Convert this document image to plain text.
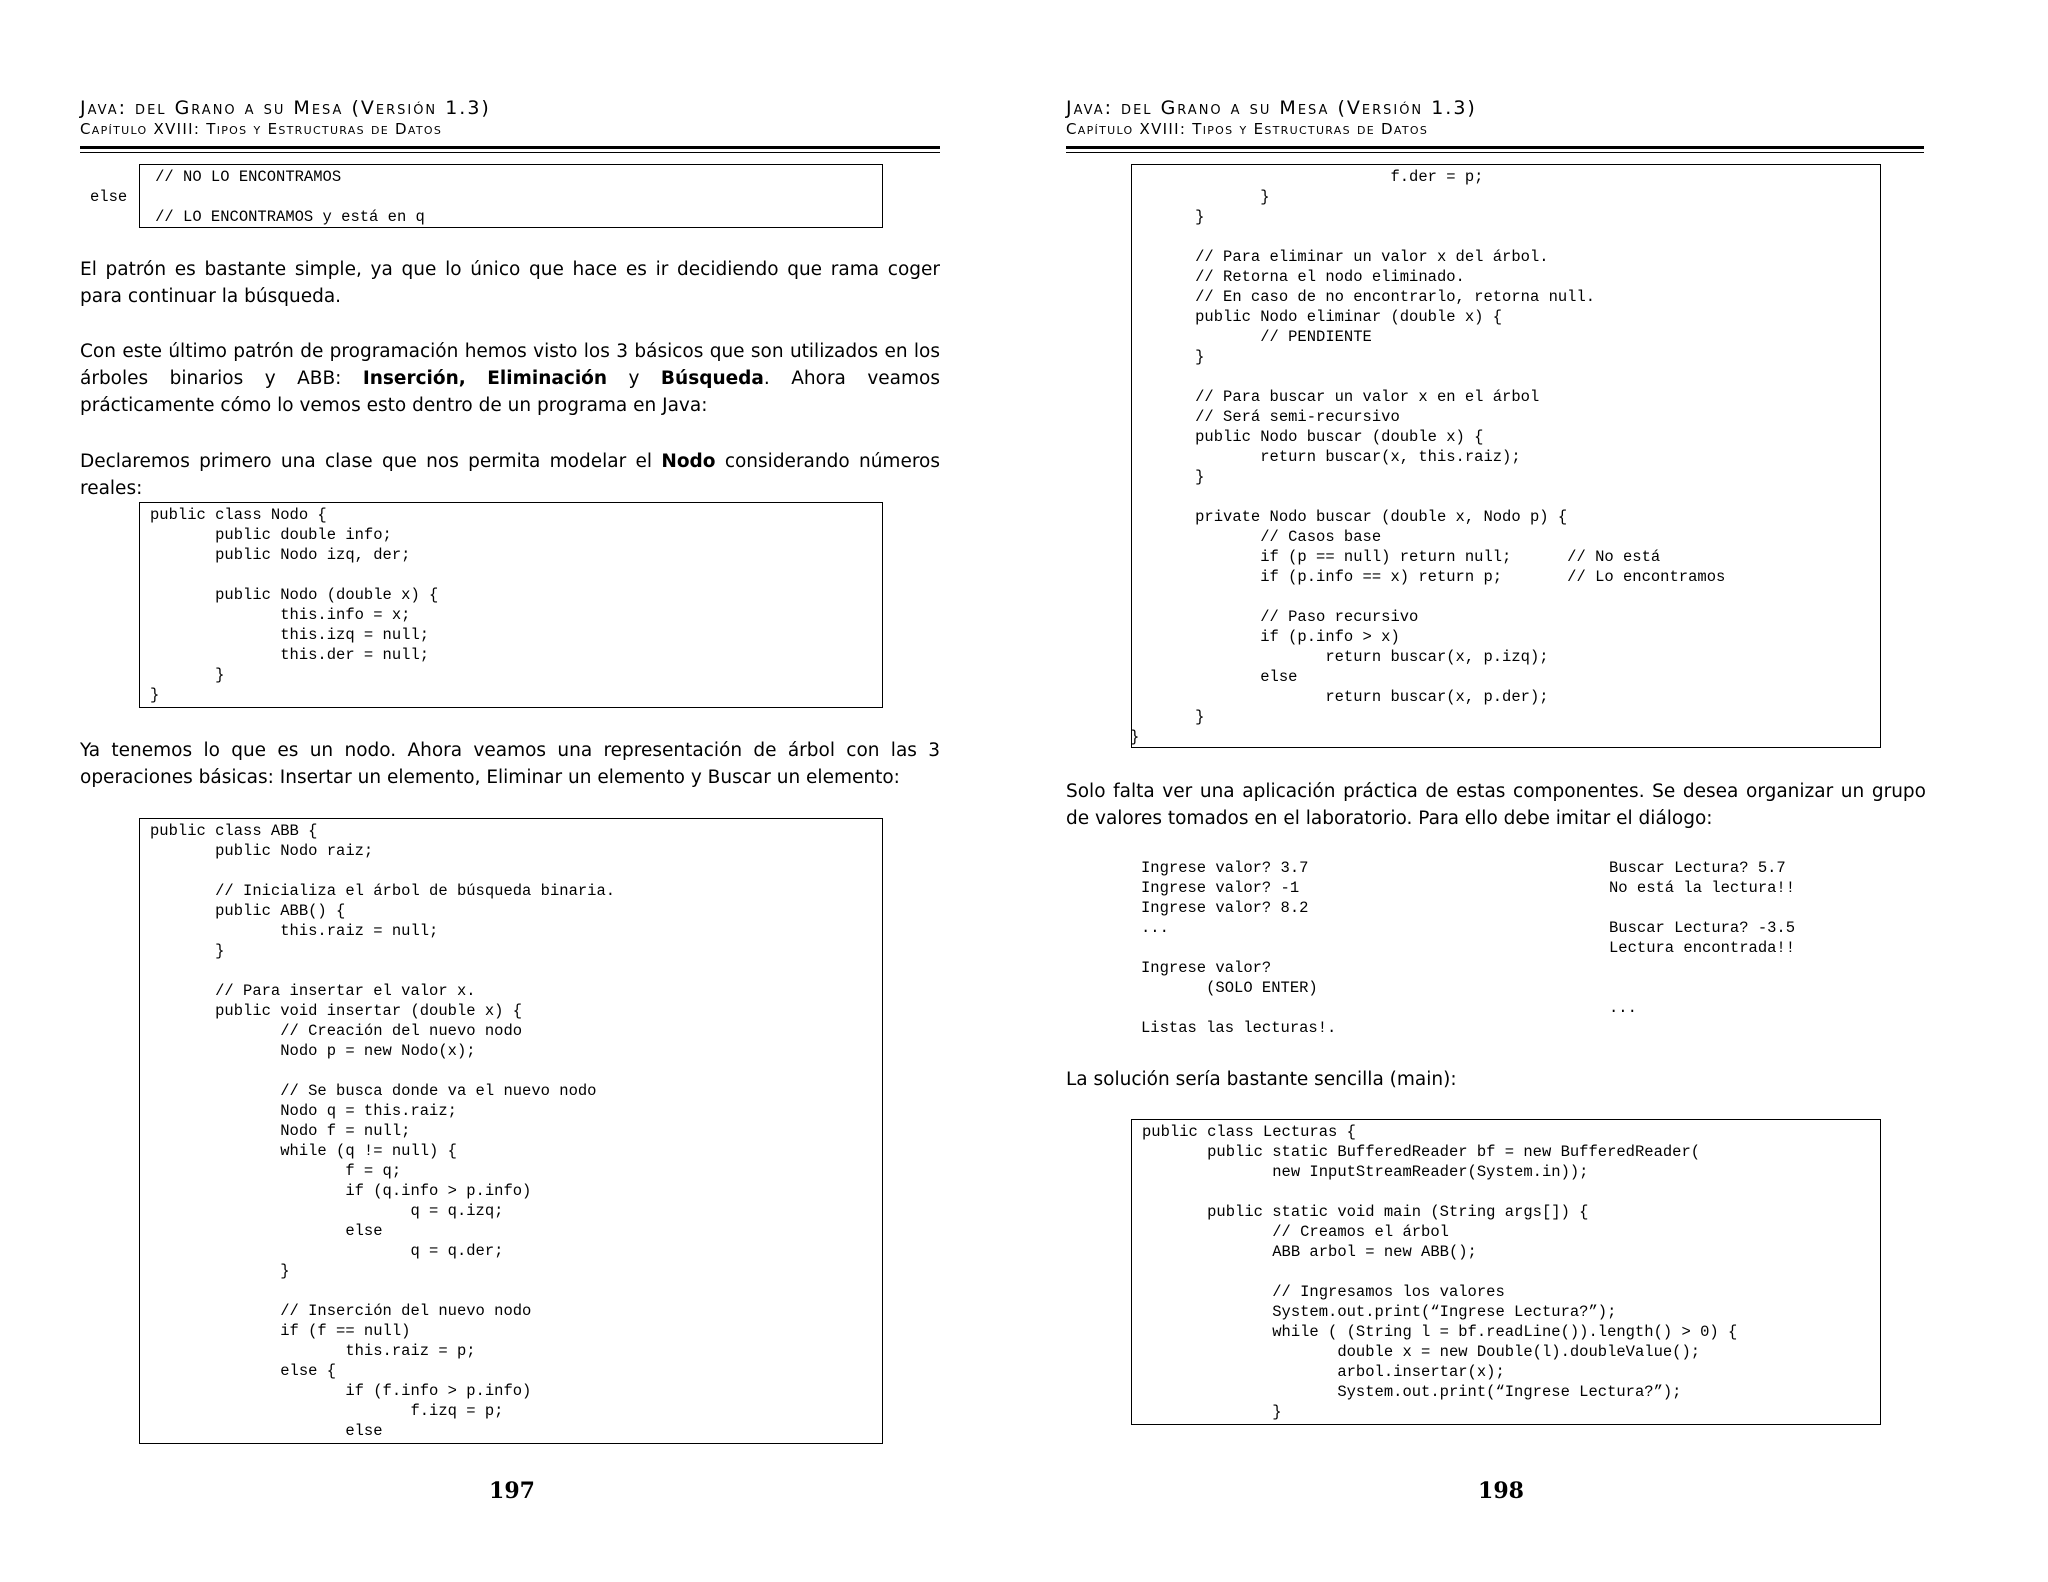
Java: del Grano a su Mesa (Versión 1.3)
Capítulo XVIII: Tipos y Estructuras de Datos
// NO LO ENCONTRAMOS
else
// LO ENCONTRAMOS y está en q
El patrón es bastante simple, ya que lo único que hace es ir decidiendo que rama coger para continuar la búsqueda.
Con este último patrón de programación hemos visto los 3 básicos que son utilizados en los árboles binarios y ABB: Inserción, Eliminación y Búsqueda. Ahora veamos prácticamente cómo lo vemos esto dentro de un programa en Java:
Declaremos primero una clase que nos permita modelar el Nodo considerando números reales:
public class Nodo {
public double info;
public Nodo izq, der;

public Nodo (double x) {
this.info = x;
this.izq = null;
this.der = null;
}
}
Ya tenemos lo que es un nodo. Ahora veamos una representación de árbol con las 3 operaciones básicas: Insertar un elemento, Eliminar un elemento y Buscar un elemento:
public class ABB {
public Nodo raiz;

// Inicializa el árbol de búsqueda binaria.
public ABB() {
this.raiz = null;
}

// Para insertar el valor x.
public void insertar (double x) {
// Creación del nuevo nodo
Nodo p = new Nodo(x);

// Se busca donde va el nuevo nodo
Nodo q = this.raiz;
Nodo f = null;
while (q != null) {
f = q;
if (q.info > p.info)
q = q.izq;
else
q = q.der;
}

// Inserción del nuevo nodo
if (f == null)
this.raiz = p;
else {
if (f.info > p.info)
f.izq = p;
else
197
Java: del Grano a su Mesa (Versión 1.3)
Capítulo XVIII: Tipos y Estructuras de Datos
f.der = p;
}
}

// Para eliminar un valor x del árbol.
// Retorna el nodo eliminado.
// En caso de no encontrarlo, retorna null.
public Nodo eliminar (double x) {
// PENDIENTE
}

// Para buscar un valor x en el árbol
// Será semi-recursivo
public Nodo buscar (double x) {
return buscar(x, this.raiz);
}

private Nodo buscar (double x, Nodo p) {
// Casos base
if (p == null) return null;      // No está
if (p.info == x) return p;       // Lo encontramos

// Paso recursivo
if (p.info > x)
return buscar(x, p.izq);
else
return buscar(x, p.der);
}
}
Solo falta ver una aplicación práctica de estas componentes. Se desea organizar un grupo de valores tomados en el laboratorio. Para ello debe imitar el diálogo:
Ingrese valor? 3.7
Ingrese valor? -1
Ingrese valor? 8.2
...

Ingrese valor?
(SOLO ENTER)

Listas las lecturas!.
Buscar Lectura? 5.7
No está la lectura!!

Buscar Lectura? -3.5
Lectura encontrada!!

...
La solución sería bastante sencilla (main):
public class Lecturas {
public static BufferedReader bf = new BufferedReader(
new InputStreamReader(System.in));

public static void main (String args[]) {
// Creamos el árbol
ABB arbol = new ABB();

// Ingresamos los valores
System.out.print(“Ingrese Lectura?”);
while ( (String l = bf.readLine()).length() > 0) {
double x = new Double(l).doubleValue();
arbol.insertar(x);
System.out.print(“Ingrese Lectura?”);
}
198
